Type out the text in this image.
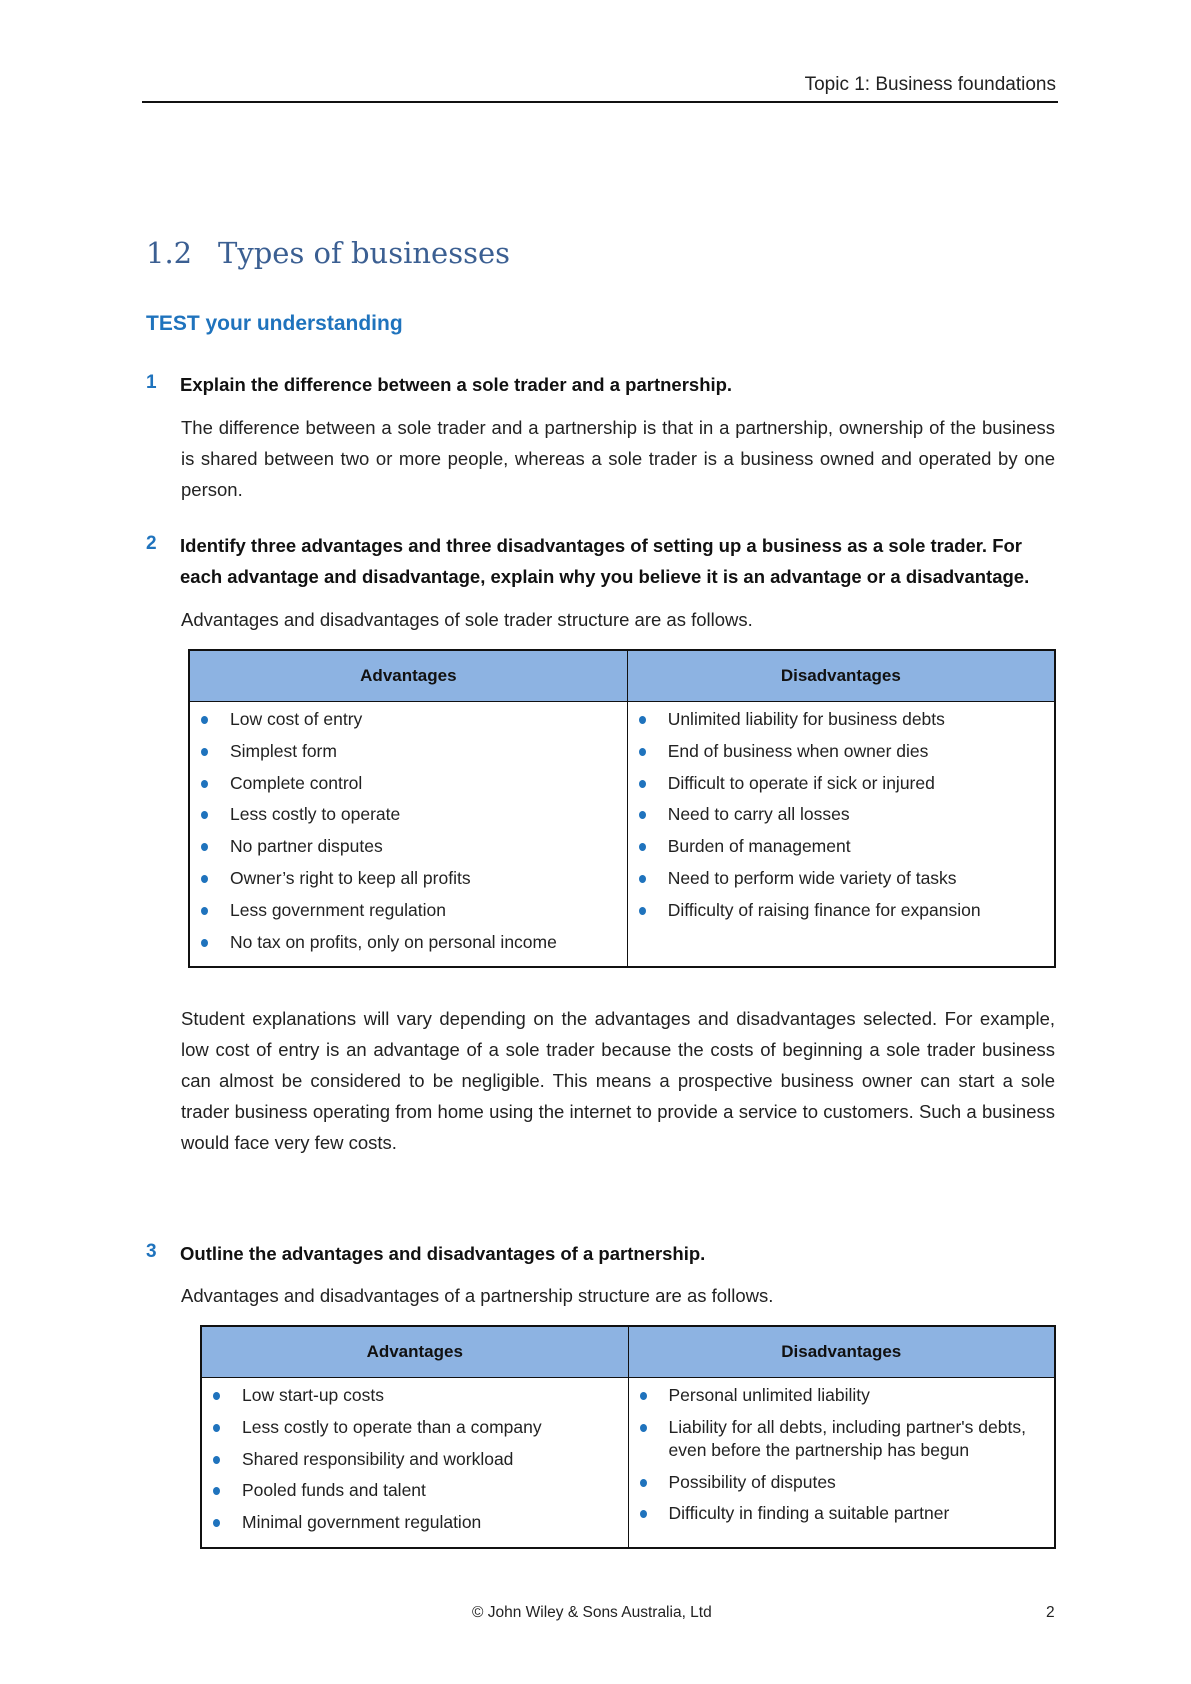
Topic 1: Business foundations
1.2 Types of businesses
TEST your understanding
1 Explain the difference between a sole trader and a partnership.
The difference between a sole trader and a partnership is that in a partnership, ownership of the business is shared between two or more people, whereas a sole trader is a business owned and operated by one person.
2 Identify three advantages and three disadvantages of setting up a business as a sole trader. For each advantage and disadvantage, explain why you believe it is an advantage or a disadvantage.
Advantages and disadvantages of sole trader structure are as follows.
Advantages	Disadvantages

Low cost of entry
Simplest form
Complete control
Less costly to operate
No partner disputes
Owner’s right to keep all profits
Less government regulation
No tax on profits, only on personal income

Unlimited liability for business debts
End of business when owner dies
Difficult to operate if sick or injured
Need to carry all losses
Burden of management
Need to perform wide variety of tasks
Difficulty of raising finance for expansion
Student explanations will vary depending on the advantages and disadvantages selected. For example, low cost of entry is an advantage of a sole trader because the costs of beginning a sole trader business can almost be considered to be negligible. This means a prospective business owner can start a sole trader business operating from home using the internet to provide a service to customers. Such a business would face very few costs.
3 Outline the advantages and disadvantages of a partnership.
Advantages and disadvantages of a partnership structure are as follows.
Advantages	Disadvantages

Low start-up costs
Less costly to operate than a company
Shared responsibility and workload
Pooled funds and talent
Minimal government regulation

Personal unlimited liability
Liability for all debts, including partner's debts, even before the partnership has begun
Possibility of disputes
Difficulty in finding a suitable partner
© John Wiley & Sons Australia, Ltd	2
